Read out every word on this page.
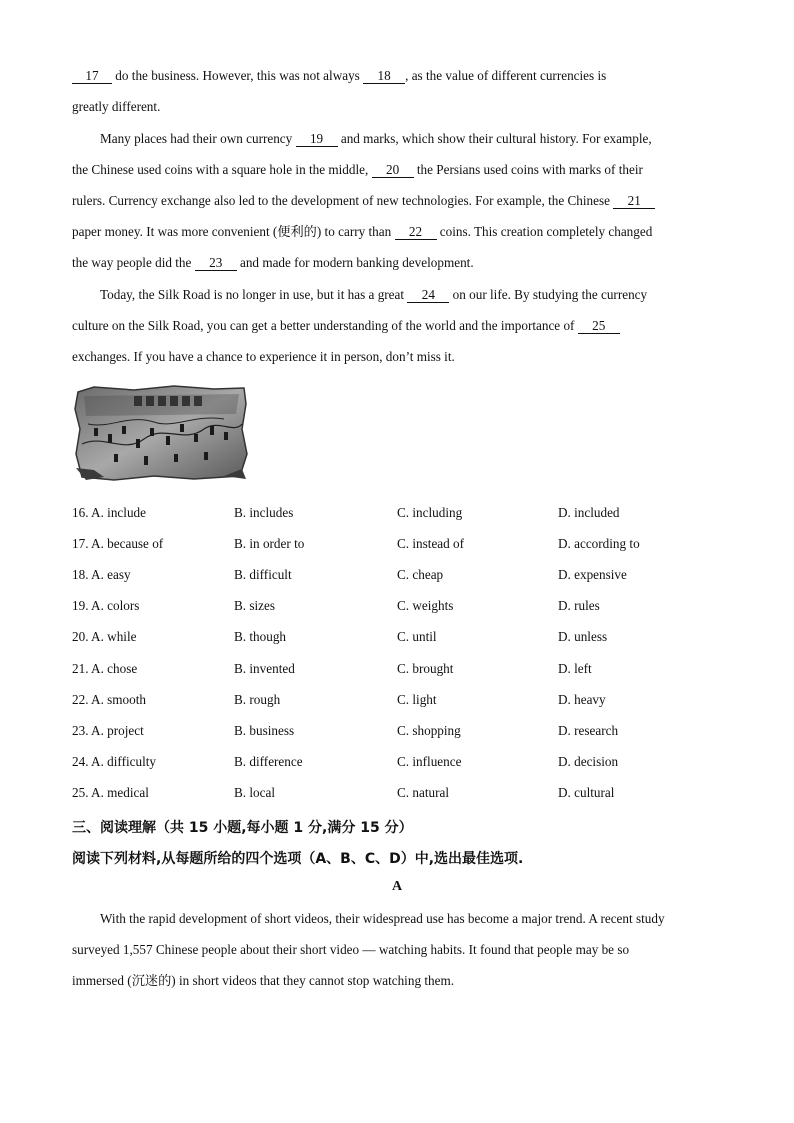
17 do the business. However, this was not always 18 , as the value of different currencies is
greatly different.
Many places had their own currency 19 and marks, which show their cultural history. For example,
the Chinese used coins with a square hole in the middle, 20 the Persians used coins with marks of their
rulers. Currency exchange also led to the development of new technologies. For example, the Chinese 21
paper money. It was more convenient (便利的) to carry than 22 coins. This creation completely changed
the way people did the 23 and made for modern banking development.
Today, the Silk Road is no longer in use, but it has a great 24 on our life. By studying the currency
culture on the Silk Road, you can get a better understanding of the world and the importance of 25
exchanges. If you have a chance to experience it in person, don’t miss it.
16. A. include	B. includes	C. including	D. included
17. A. because of	B. in order to	C. instead of	D. according to
18. A. easy	B. difficult	C. cheap	D. expensive
19. A. colors	B. sizes	C. weights	D. rules
20. A. while	B. though	C. until	D. unless
21. A. chose	B. invented	C. brought	D. left
22. A. smooth	B. rough	C. light	D. heavy
23. A. project	B. business	C. shopping	D. research
24. A. difficulty	B. difference	C. influence	D. decision
25. A. medical	B. local	C. natural	D. cultural
三、阅读理解（共 15 小题,每小题 1 分,满分 15 分）
阅读下列材料,从每题所给的四个选项（A、B、C、D）中,选出最佳选项.
A
With the rapid development of short videos, their widespread use has become a major trend. A recent study
surveyed 1,557 Chinese people about their short video — watching habits. It found that people may be so
immersed (沉迷的) in short videos that they cannot stop watching them.
